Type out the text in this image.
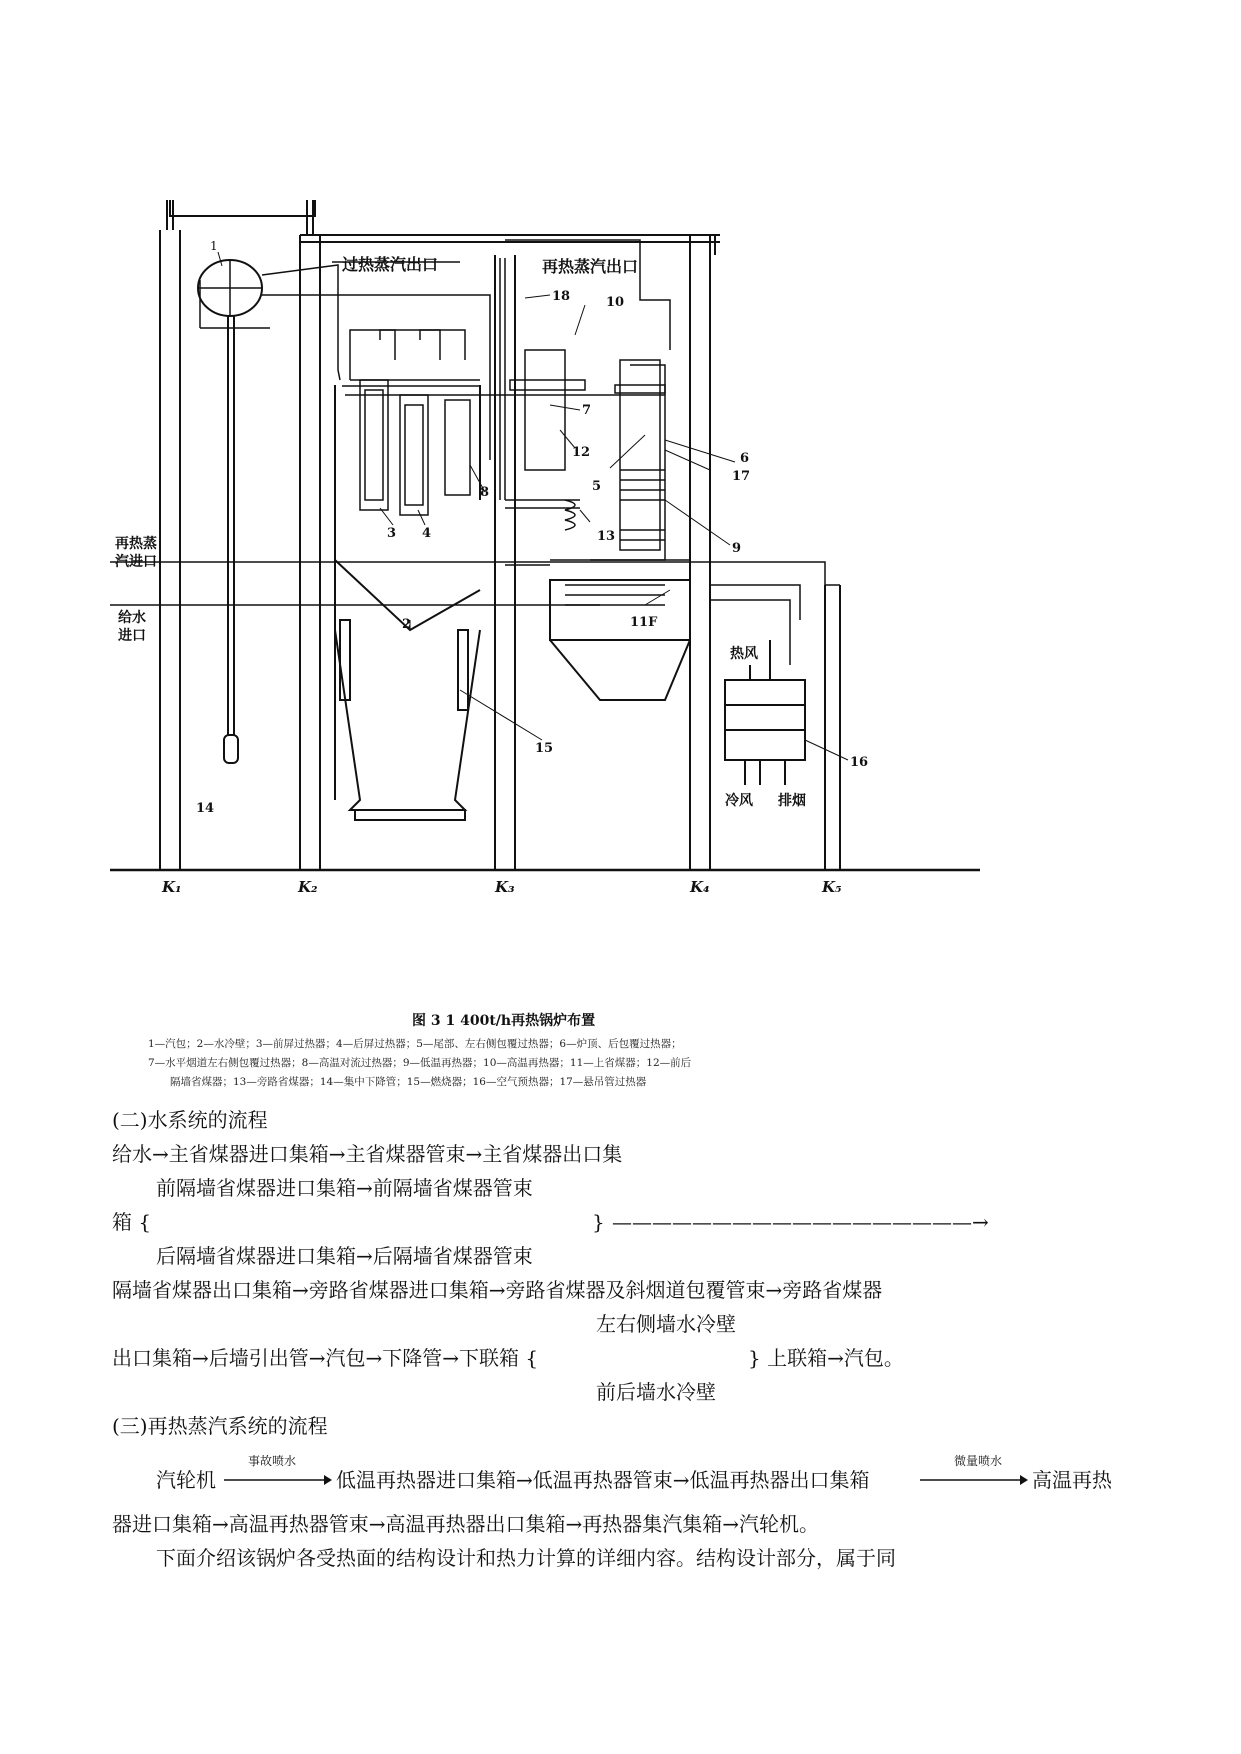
过热蒸汽出口	再热蒸汽出口
再热蒸
汽进口
给水
进口
热风
冷风 排烟
1
2
3 4
5
6
7
8
9
10
11F
12
13
14
15
16
17
18
K₁	K₂	K₃	K₄	K₅
图 3 1 400t/h再热锅炉布置
1—汽包；2—水冷壁；3—前屏过热器；4—后屏过热器；5—尾部、左右侧包覆过热器；6—炉顶、后包覆过热器；
7—水平烟道左右侧包覆过热器；8—高温对流过热器；9—低温再热器；10—高温再热器；11—上省煤器；12—前后
隔墙省煤器；13—旁路省煤器；14—集中下降管；15—燃烧器；16—空气预热器；17—悬吊管过热器
(二)水系统的流程
给水→主省煤器进口集箱→主省煤器管束→主省煤器出口集
前隔墙省煤器进口集箱→前隔墙省煤器管束
箱 {	} ——————————————————→
后隔墙省煤器进口集箱→后隔墙省煤器管束
隔墙省煤器出口集箱→旁路省煤器进口集箱→旁路省煤器及斜烟道包覆管束→旁路省煤器
左右侧墙水冷壁
出口集箱→后墙引出管→汽包→下降管→下联箱 {	} 上联箱→汽包。
前后墙水冷壁
(三)再热蒸汽系统的流程
汽轮机
事故喷水
低温再热器进口集箱→低温再热器管束→低温再热器出口集箱
微量喷水
高温再热
器进口集箱→高温再热器管束→高温再热器出口集箱→再热器集汽集箱→汽轮机。
下面介绍该锅炉各受热面的结构设计和热力计算的详细内容。结构设计部分，属于同
